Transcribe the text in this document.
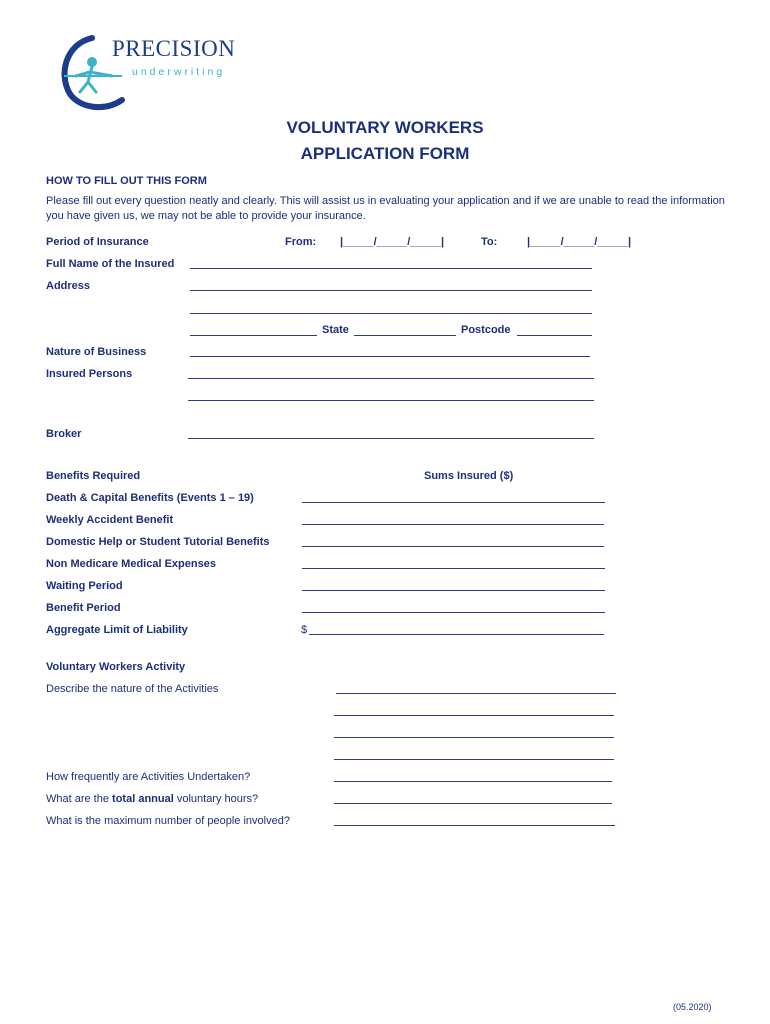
PRECISION
underwriting
VOLUNTARY WORKERS
APPLICATION FORM
HOW TO FILL OUT THIS FORM
Please fill out every question neatly and clearly. This will assist us in evaluating your application and if we are unable to read the information you have given us, we may not be able to provide your insurance.
Period of Insurance	From: |_____/_____/_____|	To:	|_____/_____/_____|
Full Name of the Insured
Address
State	Postcode
Nature of Business
Insured Persons
Broker
Benefits Required	Sums Insured ($)
Death & Capital Benefits (Events 1 – 19)
Weekly Accident Benefit
Domestic Help or Student Tutorial Benefits
Non Medicare Medical Expenses
Waiting Period
Benefit Period
Aggregate Limit of Liability	$
Voluntary Workers Activity
Describe the nature of the Activities
How frequently are Activities Undertaken?
What are the total annual voluntary hours?
What is the maximum number of people involved?
(05.2020)
